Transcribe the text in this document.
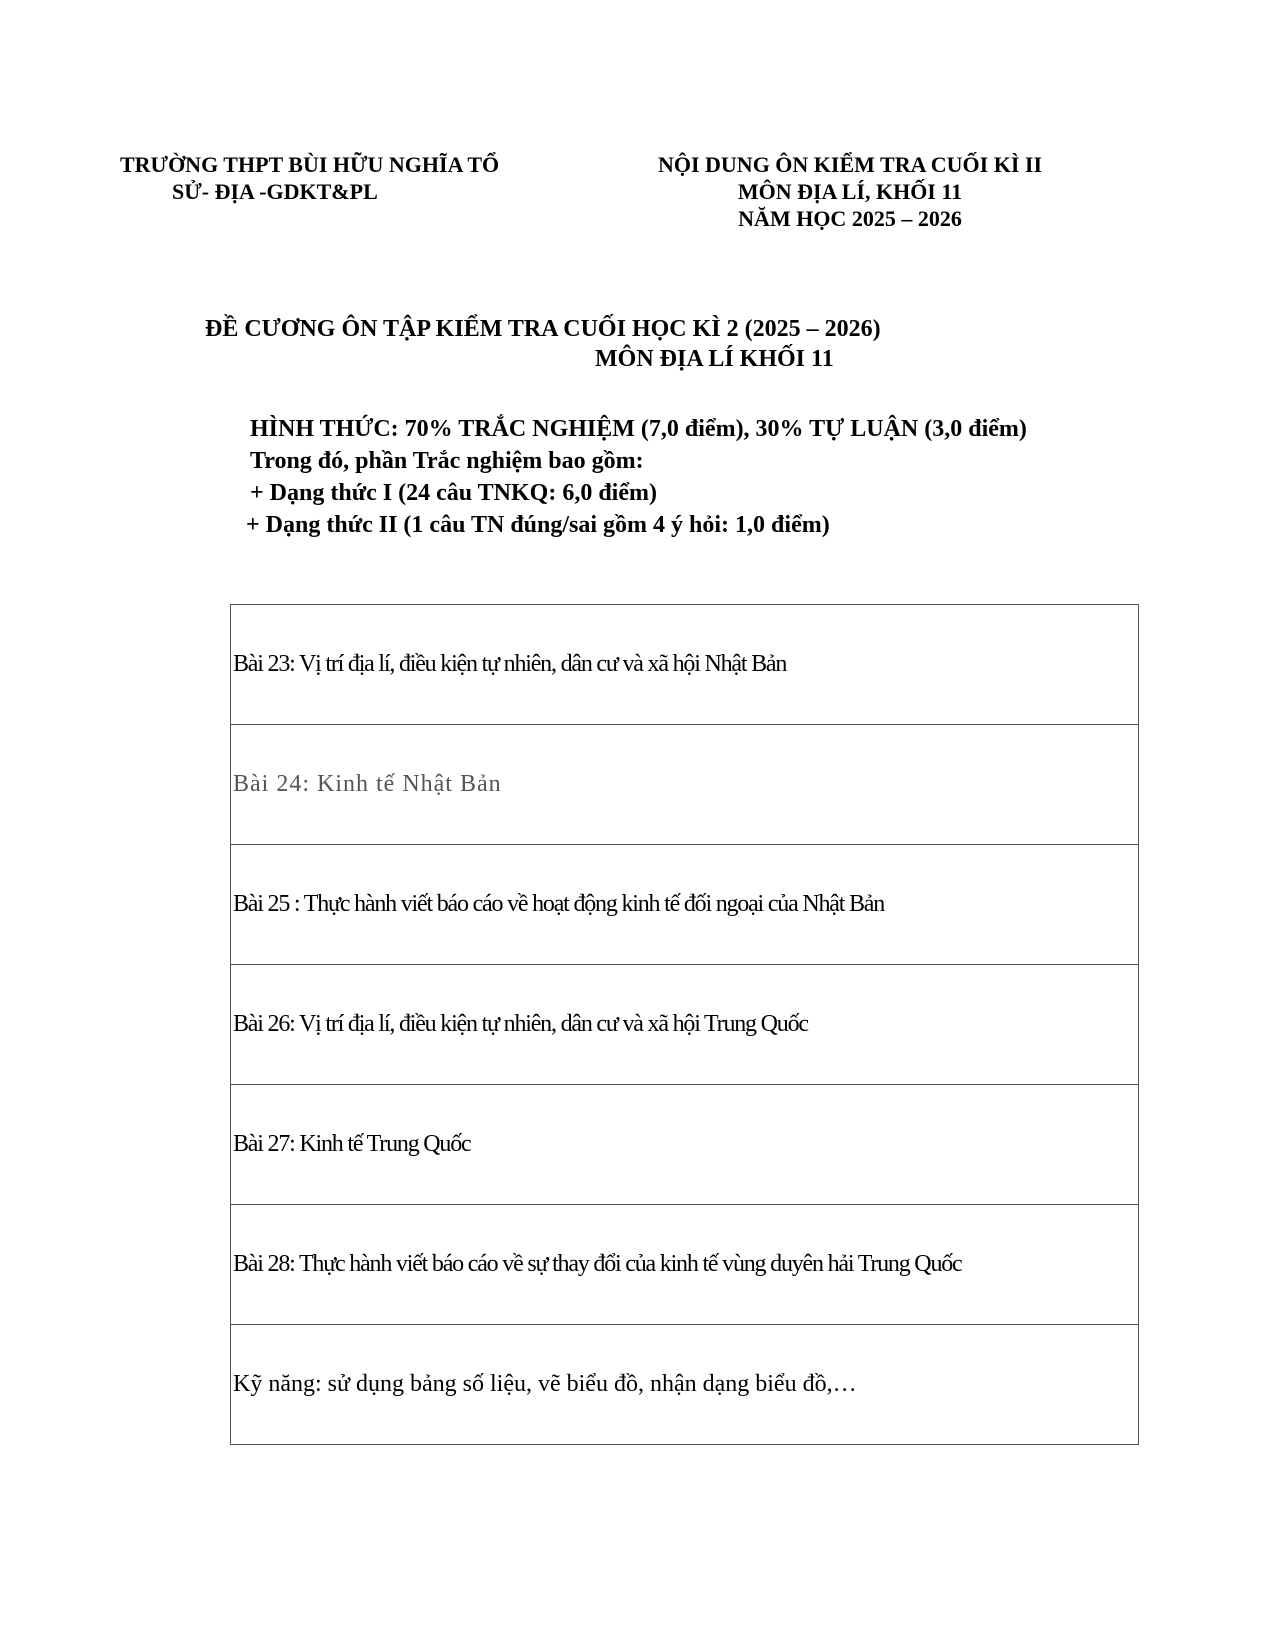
TRƯỜNG THPT BÙI HỮU NGHĨA TỔ
SỬ- ĐỊA -GDKT&PL
NỘI DUNG ÔN KIỂM TRA CUỐI KÌ II
MÔN ĐỊA LÍ, KHỐI 11
NĂM HỌC 2025 – 2026
ĐỀ CƯƠNG ÔN TẬP KIỂM TRA CUỐI HỌC KÌ 2 (2025 – 2026)
MÔN ĐỊA LÍ KHỐI 11
HÌNH THỨC: 70% TRẮC NGHIỆM (7,0 điểm), 30% TỰ LUẬN (3,0 điểm)
Trong đó, phần Trắc nghiệm bao gồm:
+ Dạng thức I (24 câu TNKQ: 6,0 điểm)
+ Dạng thức II (1 câu TN đúng/sai gồm 4 ý hỏi: 1,0 điểm)
Bài 23: Vị trí địa lí, điều kiện tự nhiên, dân cư và xã hội Nhật Bản
Bài 24: Kinh tế Nhật Bản
Bài 25 : Thực hành viết báo cáo về hoạt động kinh tế đối ngoại của Nhật Bản
Bài 26: Vị trí địa lí, điều kiện tự nhiên, dân cư và xã hội Trung Quốc
Bài 27: Kinh tế Trung Quốc
Bài 28: Thực hành viết báo cáo về sự thay đổi của kinh tế vùng duyên hải Trung Quốc
Kỹ năng: sử dụng bảng số liệu, vẽ biểu đồ, nhận dạng biểu đồ,…
